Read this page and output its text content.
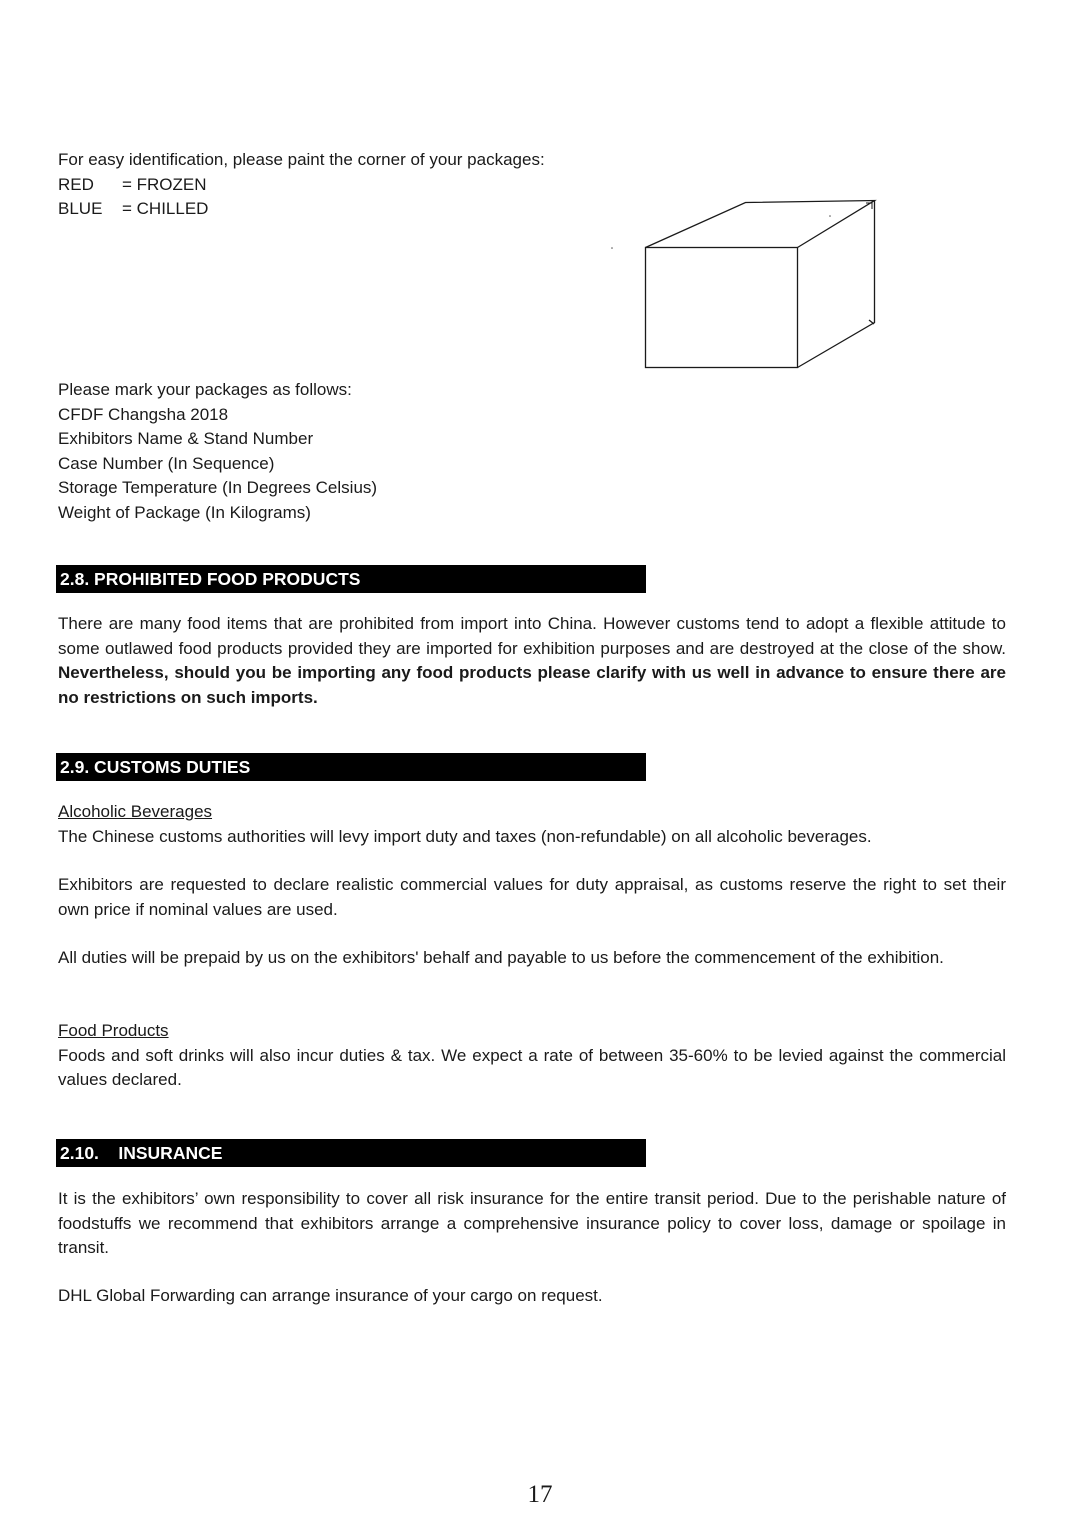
For easy identification, please paint the corner of your packages:
RED = FROZEN
BLUE = CHILLED
Please mark your packages as follows:
CFDF Changsha 2018
Exhibitors Name & Stand Number
Case Number (In Sequence)
Storage Temperature (In Degrees Celsius)
Weight of Package (In Kilograms)
2.8. PROHIBITED FOOD PRODUCTS
There are many food items that are prohibited from import into China. However customs tend to adopt a flexible attitude to some outlawed food products provided they are imported for exhibition purposes and are destroyed at the close of the show. Nevertheless, should you be importing any food products please clarify with us well in advance to ensure there are no restrictions on such imports.
2.9. CUSTOMS DUTIES
Alcoholic Beverages
The Chinese customs authorities will levy import duty and taxes (non-refundable) on all alcoholic beverages.
Exhibitors are requested to declare realistic commercial values for duty appraisal, as customs reserve the right to set their own price if nominal values are used.
All duties will be prepaid by us on the exhibitors' behalf and payable to us before the commencement of the exhibition.
Food Products
Foods and soft drinks will also incur duties & tax. We expect a rate of between 35-60% to be levied against the commercial values declared.
2.10.    INSURANCE
It is the exhibitors’ own responsibility to cover all risk insurance for the entire transit period. Due to the perishable nature of foodstuffs we recommend that exhibitors arrange a comprehensive insurance policy to cover loss, damage or spoilage in transit.
DHL Global Forwarding can arrange insurance of your cargo on request.
17
